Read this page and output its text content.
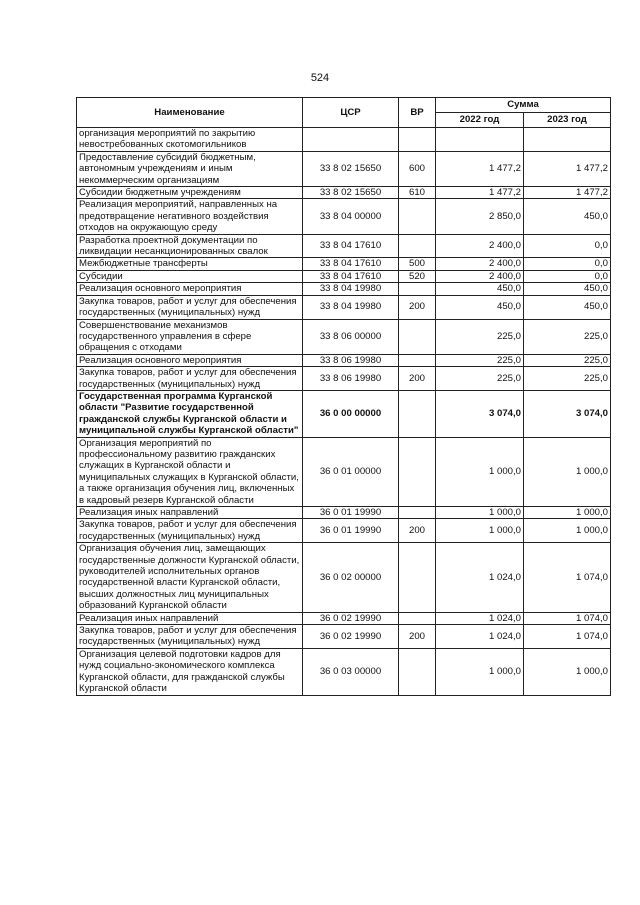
524
Наименование	ЦСР	ВР	Сумма	
			2022 год	2023 год
организация мероприятий по закрытию невостребованных скотомогильников				
Предоставление субсидий бюджетным, автономным учреждениям и иным некоммерческим организациям	33 8 02 15650	600	1 477,2	1 477,2
Субсидии бюджетным учреждениям	33 8 02 15650	610	1 477,2	1 477,2
Реализация мероприятий, направленных на предотвращение негативного воздействия отходов на окружающую среду	33 8 04 00000		2 850,0	450,0
Разработка проектной документации по ликвидации несанкционированных свалок	33 8 04 17610		2 400,0	0,0
Межбюджетные трансферты	33 8 04 17610	500	2 400,0	0,0
Субсидии	33 8 04 17610	520	2 400,0	0,0
Реализация основного мероприятия	33 8 04 19980		450,0	450,0
Закупка товаров, работ и услуг для обеспечения государственных (муниципальных) нужд	33 8 04 19980	200	450,0	450,0
Совершенствование механизмов государственного управления в сфере обращения с отходами	33 8 06 00000		225,0	225,0
Реализация основного мероприятия	33 8 06 19980		225,0	225,0
Закупка товаров, работ и услуг для обеспечения государственных (муниципальных) нужд	33 8 06 19980	200	225,0	225,0
Государственная программа Курганской области "Развитие государственной гражданской службы Курганской области и муниципальной службы Курганской области"	36 0 00 00000		3 074,0	3 074,0
Организация мероприятий по профессиональному развитию гражданских служащих в Курганской области и муниципальных служащих в Курганской области, а также организация обучения лиц, включенных в кадровый резерв Курганской области	36 0 01 00000		1 000,0	1 000,0
Реализация иных направлений	36 0 01 19990		1 000,0	1 000,0
Закупка товаров, работ и услуг для обеспечения государственных (муниципальных) нужд	36 0 01 19990	200	1 000,0	1 000,0
Организация обучения лиц, замещающих государственные должности Курганской области, руководителей исполнительных органов государственной власти Курганской области, высших должностных лиц муниципальных образований Курганской области	36 0 02 00000		1 024,0	1 074,0
Реализация иных направлений	36 0 02 19990		1 024,0	1 074,0
Закупка товаров, работ и услуг для обеспечения государственных (муниципальных) нужд	36 0 02 19990	200	1 024,0	1 074,0
Организация целевой подготовки кадров для нужд социально-экономического комплекса Курганской области, для гражданской службы Курганской области	36 0 03 00000		1 000,0	1 000,0
